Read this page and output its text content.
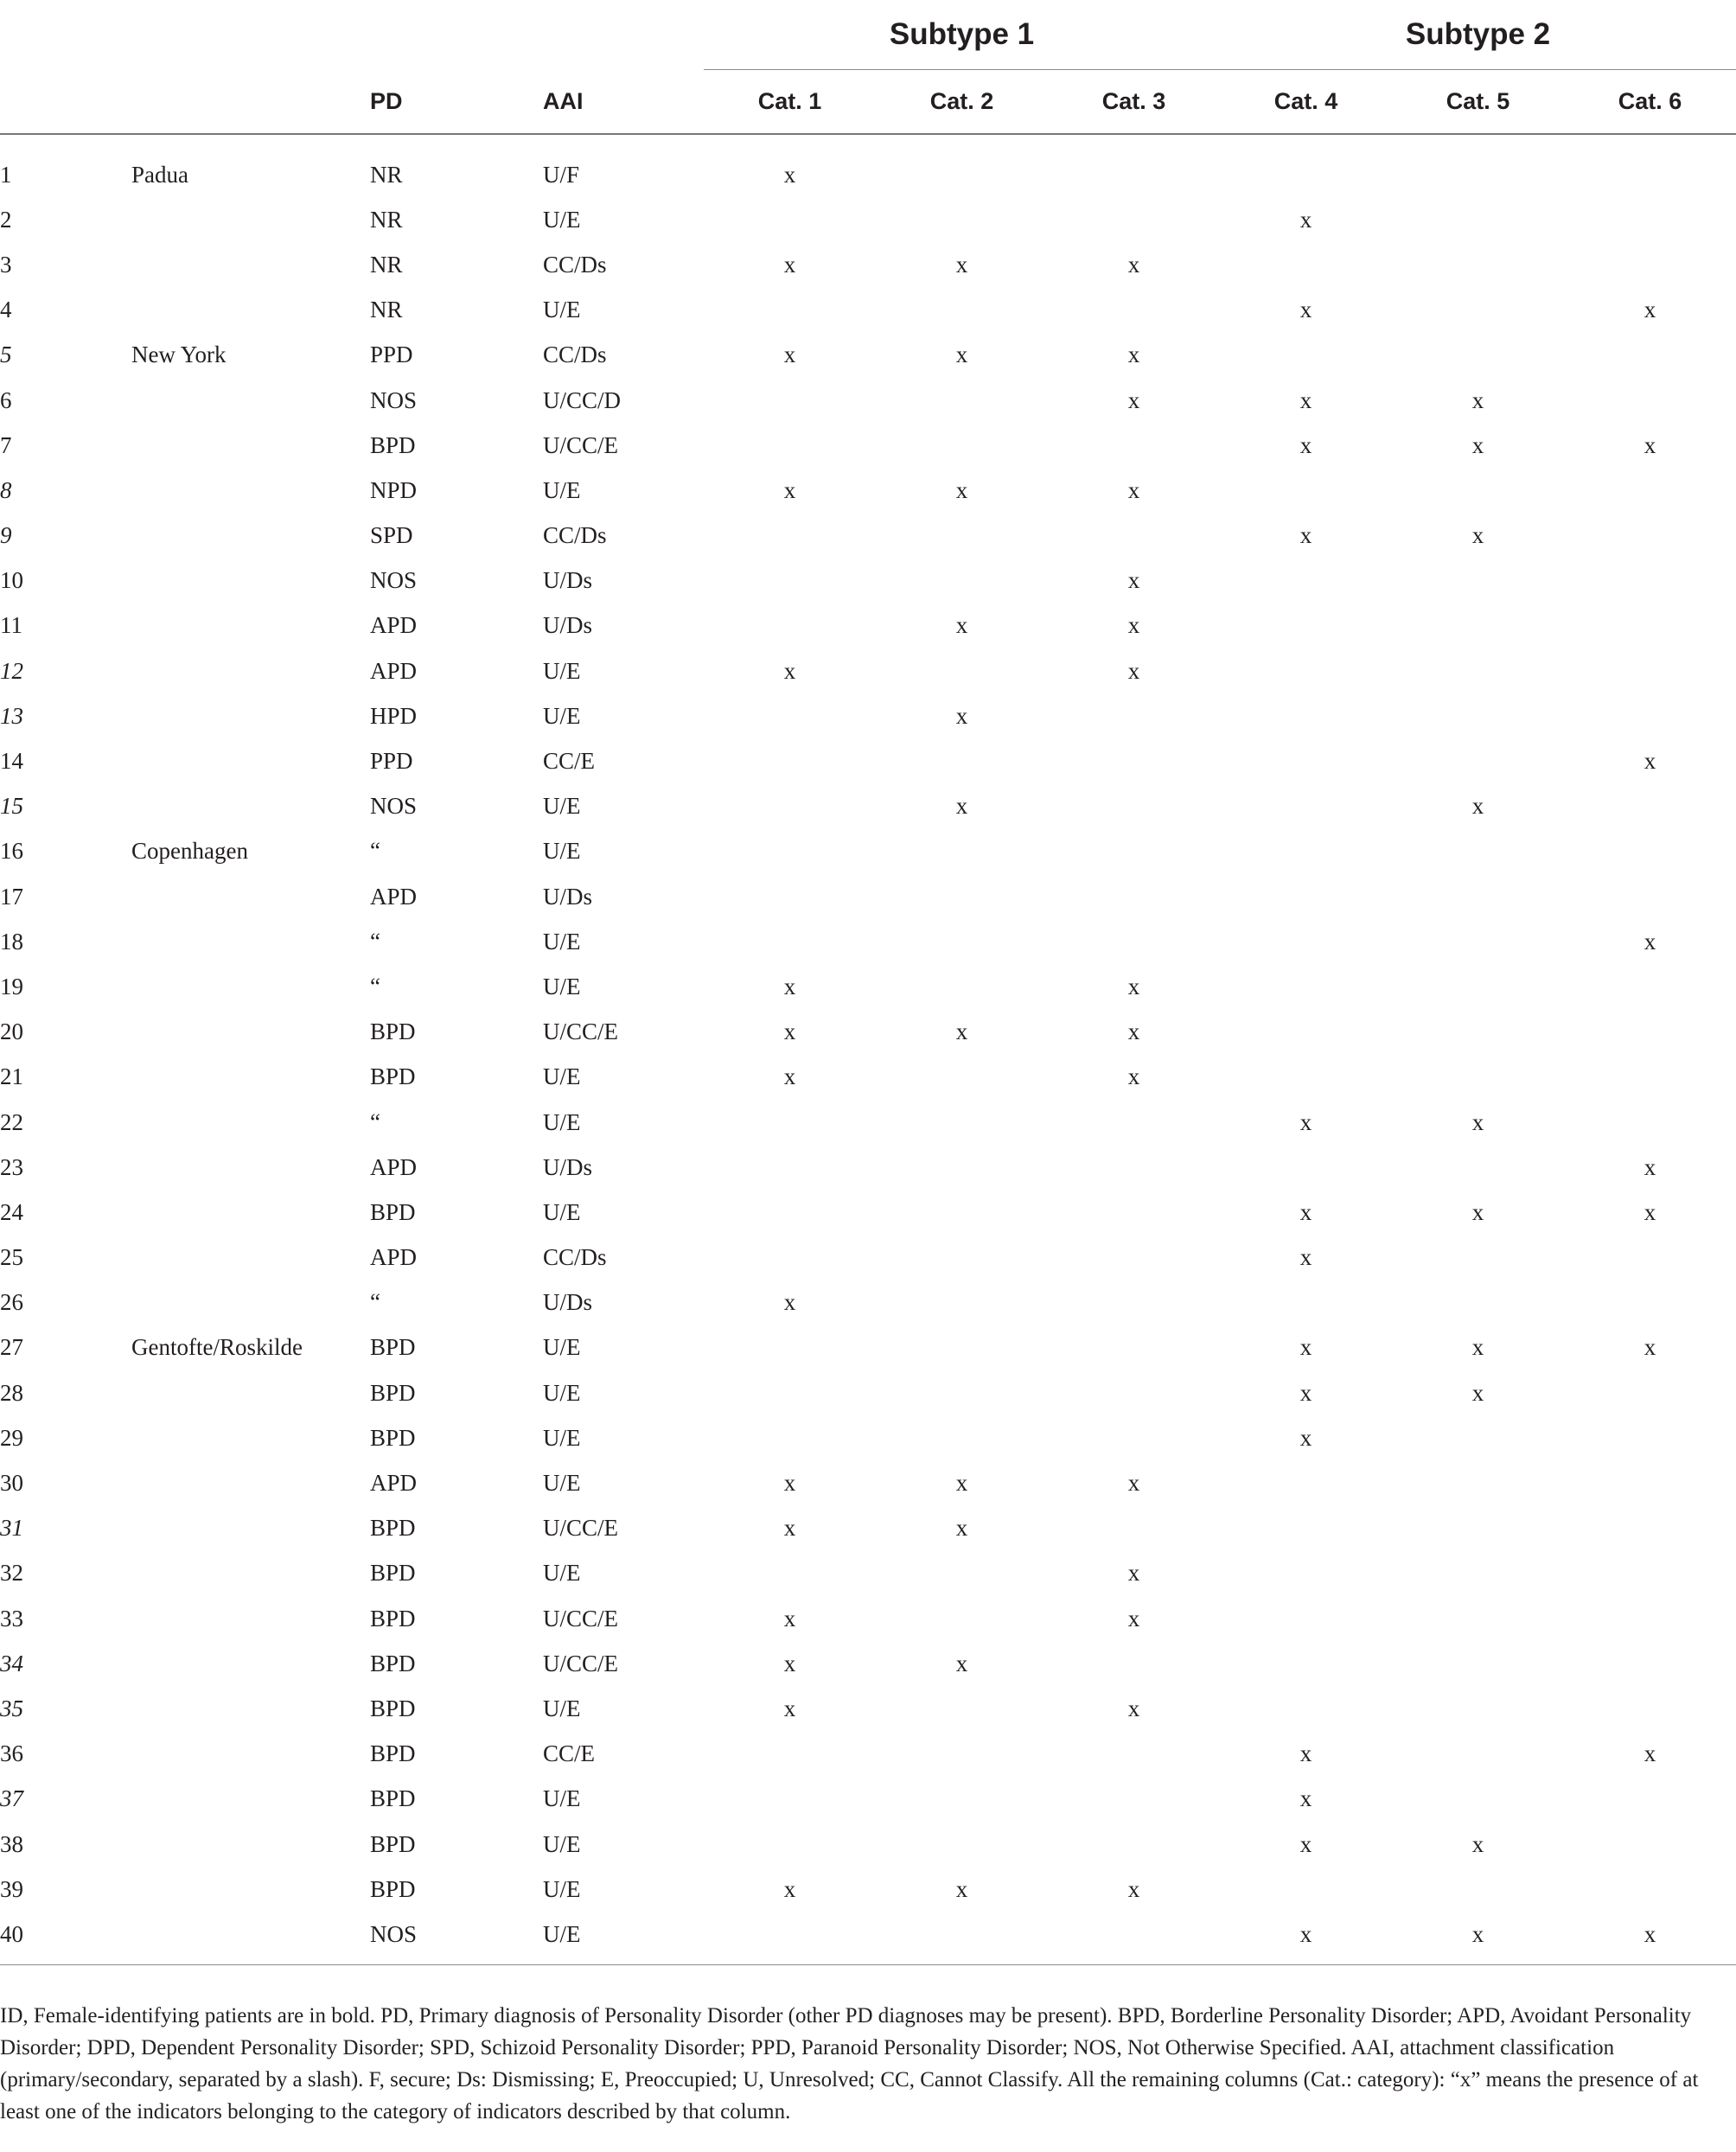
				Subtype 1			Subtype 2		
		PD	AAI	Cat. 1	Cat. 2	Cat. 3	Cat. 4	Cat. 5	Cat. 6
1	Padua	NR	U/F	x					
2		NR	U/E				x		
3		NR	CC/Ds	x	x	x			
4		NR	U/E				x		x
5	New York	PPD	CC/Ds	x	x	x			
6		NOS	U/CC/D			x	x	x	
7		BPD	U/CC/E				x	x	x
8		NPD	U/E	x	x	x			
9		SPD	CC/Ds				x	x	
10		NOS	U/Ds			x			
11		APD	U/Ds		x	x			
12		APD	U/E	x		x			
13		HPD	U/E		x				
14		PPD	CC/E						x
15		NOS	U/E		x			x	
16	Copenhagen	“	U/E						
17		APD	U/Ds						
18		“	U/E						x
19		“	U/E	x		x			
20		BPD	U/CC/E	x	x	x			
21		BPD	U/E	x		x			
22		“	U/E				x	x	
23		APD	U/Ds						x
24		BPD	U/E				x	x	x
25		APD	CC/Ds				x		
26		“	U/Ds	x					
27	Gentofte/Roskilde	BPD	U/E				x	x	x
28		BPD	U/E				x	x	
29		BPD	U/E				x		
30		APD	U/E	x	x	x			
31		BPD	U/CC/E	x	x				
32		BPD	U/E			x			
33		BPD	U/CC/E	x		x			
34		BPD	U/CC/E	x	x				
35		BPD	U/E	x		x			
36		BPD	CC/E				x		x
37		BPD	U/E				x		
38		BPD	U/E				x	x	
39		BPD	U/E	x	x	x			
40		NOS	U/E				x	x	x

ID, Female-identifying patients are in bold. PD, Primary diagnosis of Personality Disorder (other PD diagnoses may be present). BPD, Borderline Personality Disorder; APD, Avoidant Personality Disorder; DPD, Dependent Personality Disorder; SPD, Schizoid Personality Disorder; PPD, Paranoid Personality Disorder; NOS, Not Otherwise Specified. AAI, attachment classification (primary/secondary, separated by a slash). F, secure; Ds: Dismissing; E, Preoccupied; U, Unresolved; CC, Cannot Classify. All the remaining columns (Cat.: category): “x” means the presence of at least one of the indicators belonging to the category of indicators described by that column.
